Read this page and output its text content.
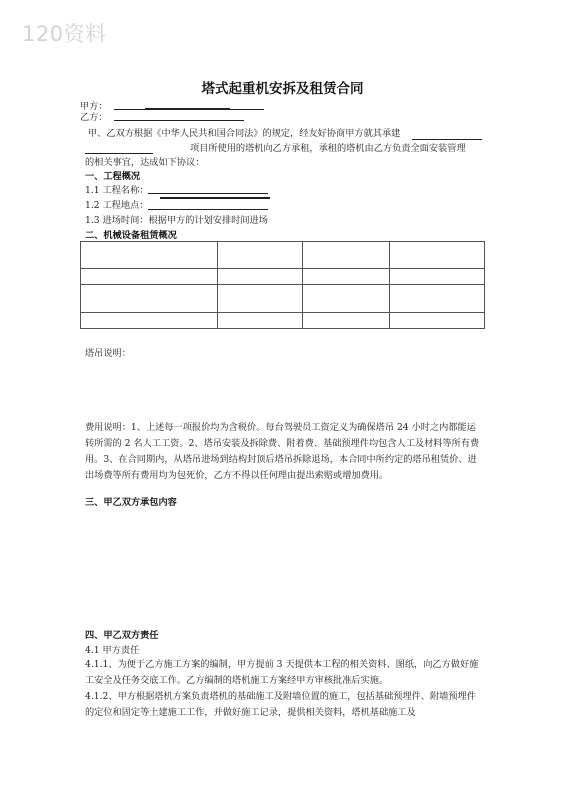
120资料
塔式起重机安拆及租赁合同
甲方：
乙方：
甲、乙双方根据《中华人民共和国合同法》的规定，经友好协商甲方就其承建
项目所使用的塔机向乙方承租，承租的塔机由乙方负责全面安装管理
的相关事宜，达成如下协议：
一、工程概况
1.1 工程名称：
1.2 工程地点：
1.3 进场时间：根据甲方的计划安排时间进场
二、机械设备租赁概况

塔吊说明：
费用说明：1、上述每一项报价均为含税价。每台驾驶员工资定义为确保塔吊 24 小时之内都能运转所需的 2 名人工工资。2、塔吊安装及拆除费、附着费、基础预埋件均包含人工及材料等所有费用。3、在合同期内，从塔吊进场到结构封顶后塔吊拆除退场，本合同中所约定的塔吊租赁价、进出场费等所有费用均为包死价，乙方不得以任何理由提出索赔或增加费用。
三、甲乙双方承包内容
四、甲乙双方责任
4.1 甲方责任
4.1.1、为便于乙方施工方案的编制，甲方提前 3 天提供本工程的相关资料、图纸，向乙方做好施工安全及任务交底工作。乙方编制的塔机施工方案经甲方审核批准后实施。
4.1.2、甲方根据塔机方案负责塔机的基础施工及附墙位置的施工，包括基础预埋件、附墙预埋件的定位和固定等土建施工工作，并做好施工记录，提供相关资料，塔机基础施工及
